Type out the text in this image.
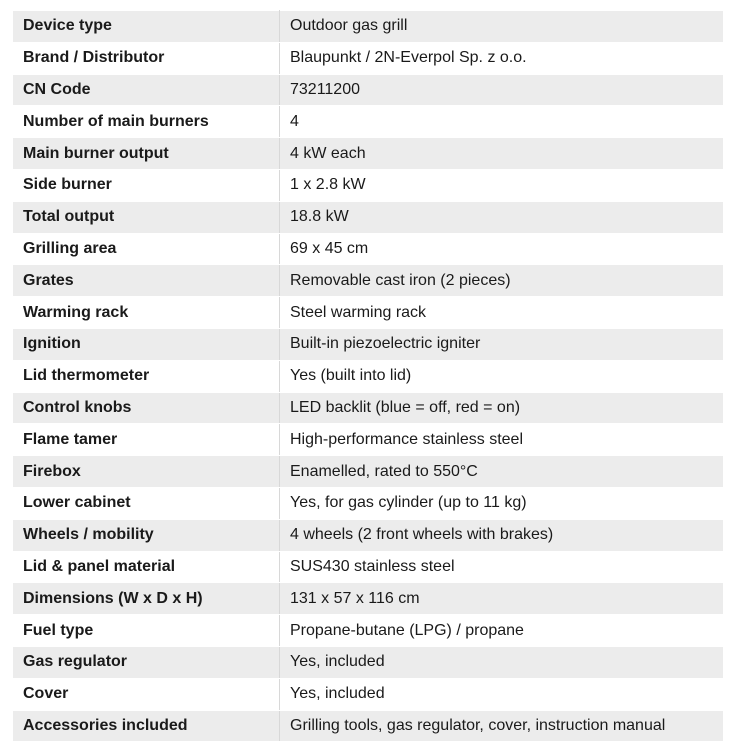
Device type	Outdoor gas grill
Brand / Distributor	Blaupunkt / 2N-Everpol Sp. z o.o.
CN Code	73211200
Number of main burners	4
Main burner output	4 kW each
Side burner	1 x 2.8 kW
Total output	18.8 kW
Grilling area	69 x 45 cm
Grates	Removable cast iron (2 pieces)
Warming rack	Steel warming rack
Ignition	Built-in piezoelectric igniter
Lid thermometer	Yes (built into lid)
Control knobs	LED backlit (blue = off, red = on)
Flame tamer	High-performance stainless steel
Firebox	Enamelled, rated to 550°C
Lower cabinet	Yes, for gas cylinder (up to 11 kg)
Wheels / mobility	4 wheels (2 front wheels with brakes)
Lid & panel material	SUS430 stainless steel
Dimensions (W x D x H)	131 x 57 x 116 cm
Fuel type	Propane-butane (LPG) / propane
Gas regulator	Yes, included
Cover	Yes, included
Accessories included	Grilling tools, gas regulator, cover, instruction manual
